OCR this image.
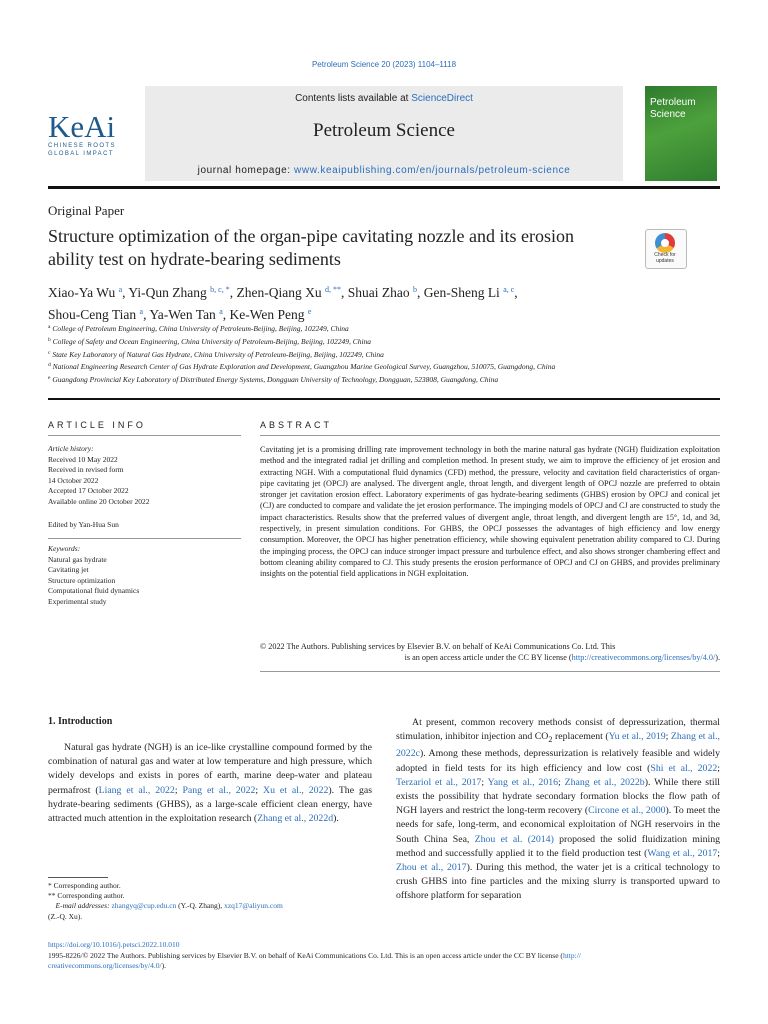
Petroleum Science 20 (2023) 1104–1118
KeAi
CHINESE ROOTS
GLOBAL IMPACT
Contents lists available at ScienceDirect
Petroleum Science
journal homepage: www.keaipublishing.com/en/journals/petroleum-science
Petroleum
Science
Original Paper
Structure optimization of the organ-pipe cavitating nozzle and its erosion ability test on hydrate-bearing sediments	Check for
updates
Xiao-Ya Wu $^a$, Yi-Qun Zhang $^{b, c, *}$, Zhen-Qiang Xu $^{d, **}$, Shuai Zhao $^b$, Gen-Sheng Li $^{a, c}$,
Shou-Ceng Tian $^a$, Ya-Wen Tan $^a$, Ke-Wen Peng $^e$
$^a$ College of Petroleum Engineering, China University of Petroleum-Beijing, Beijing, 102249, China
$^b$ College of Safety and Ocean Engineering, China University of Petroleum-Beijing, Beijing, 102249, China
$^c$ State Key Laboratory of Natural Gas Hydrate, China University of Petroleum-Beijing, Beijing, 102249, China
$^d$ National Engineering Research Center of Gas Hydrate Exploration and Development, Guangzhou Marine Geological Survey, Guangzhou, 510075, Guangdong, China
$^e$ Guangdong Provincial Key Laboratory of Distributed Energy Systems, Dongguan University of Technology, Dongguan, 523808, Guangdong, China
ARTICLE INFO
Article history:
Received 10 May 2022
Received in revised form
14 October 2022
Accepted 17 October 2022
Available online 20 October 2022
Edited by Yan-Hua Sun
Keywords:
Natural gas hydrate
Cavitating jet
Structure optimization
Computational fluid dynamics
Experimental study
ABSTRACT
Cavitating jet is a promising drilling rate improvement technology in both the marine natural gas hydrate (NGH) fluidization exploitation method and the integrated radial jet drilling and completion method. In present study, we aim to improve the efficiency of jet erosion and extracting NGH. With a computational fluid dynamics (CFD) method, the pressure, velocity and cavitation field characteristics of organ-pipe cavitating jet (OPCJ) are analysed. The divergent angle, throat length, and divergent length of OPCJ nozzle are preferred to obtain stronger jet cavitation erosion effect. Laboratory experiments of gas hydrate-bearing sediments (GHBS) erosion by OPCJ and conical jet (CJ) are conducted to compare and validate the jet erosion performance. The impinging models of OPCJ and CJ are constructed to study the impact characteristics. Results show that the preferred values of divergent angle, throat length, and divergent length are 15°, 1d, and 3d, respectively, in present simulation conditions. For GHBS, the OPCJ possesses the advantages of high efficiency and low energy consumption. Moreover, the OPCJ has higher penetration efficiency, while showing equivalent penetration ability compared to CJ. During the impinging process, the OPCJ can induce stronger impact pressure and turbulence effect, and also shows stronger chambering effect and bottom cleaning ability compared to CJ. This study presents the erosion performance of OPCJ and CJ on GHBS, and provides preliminary insights on the potential field applications in NGH exploitation.
© 2022 The Authors. Publishing services by Elsevier B.V. on behalf of KeAi Communications Co. Ltd. This
is an open access article under the CC BY license (http://creativecommons.org/licenses/by/4.0/).
1. Introduction
Natural gas hydrate (NGH) is an ice-like crystalline compound formed by the combination of natural gas and water at low temperature and high pressure, which widely develops and exists in pores of earth, marine deep-water and plateau permafrost (Liang et al., 2022; Pang et al., 2022; Xu et al., 2022). The gas hydrate-bearing sediments (GHBS), as a large-scale efficient clean energy, have attracted much attention in the exploitation research (Zhang et al., 2022d).
At present, common recovery methods consist of depressurization, thermal stimulation, inhibitor injection and $CO_2$ replacement (Yu et al., 2019; Zhang et al., 2022c). Among these methods, depressurization is relatively feasible and widely adopted in field tests for its high efficiency and low cost (Shi et al., 2022; Terzariol et al., 2017; Yang et al., 2016; Zhang et al., 2022b). While there still exists the possibility that hydrate secondary formation blocks the flow path of NGH layers and restrict the long-term recovery (Circone et al., 2000). To meet the needs for safe, long-term, and economical exploitation of NGH reservoirs in the South China Sea, Zhou et al. (2014) proposed the solid fluidization mining method and successfully applied it to the field production test (Wang et al., 2017; Zhou et al., 2017). During this method, the water jet is a critical technology to crush GHBS into fine particles and the mixing slurry is transported upward to offshore platform for separation
* Corresponding author.
** Corresponding author.
E-mail addresses: zhangyq@cup.edu.cn (Y.-Q. Zhang), xzq17@aliyun.com
(Z.-Q. Xu).
https://doi.org/10.1016/j.petsci.2022.10.010
1995-8226/© 2022 The Authors. Publishing services by Elsevier B.V. on behalf of KeAi Communications Co. Ltd. This is an open access article under the CC BY license (http://
creativecommons.org/licenses/by/4.0/).
